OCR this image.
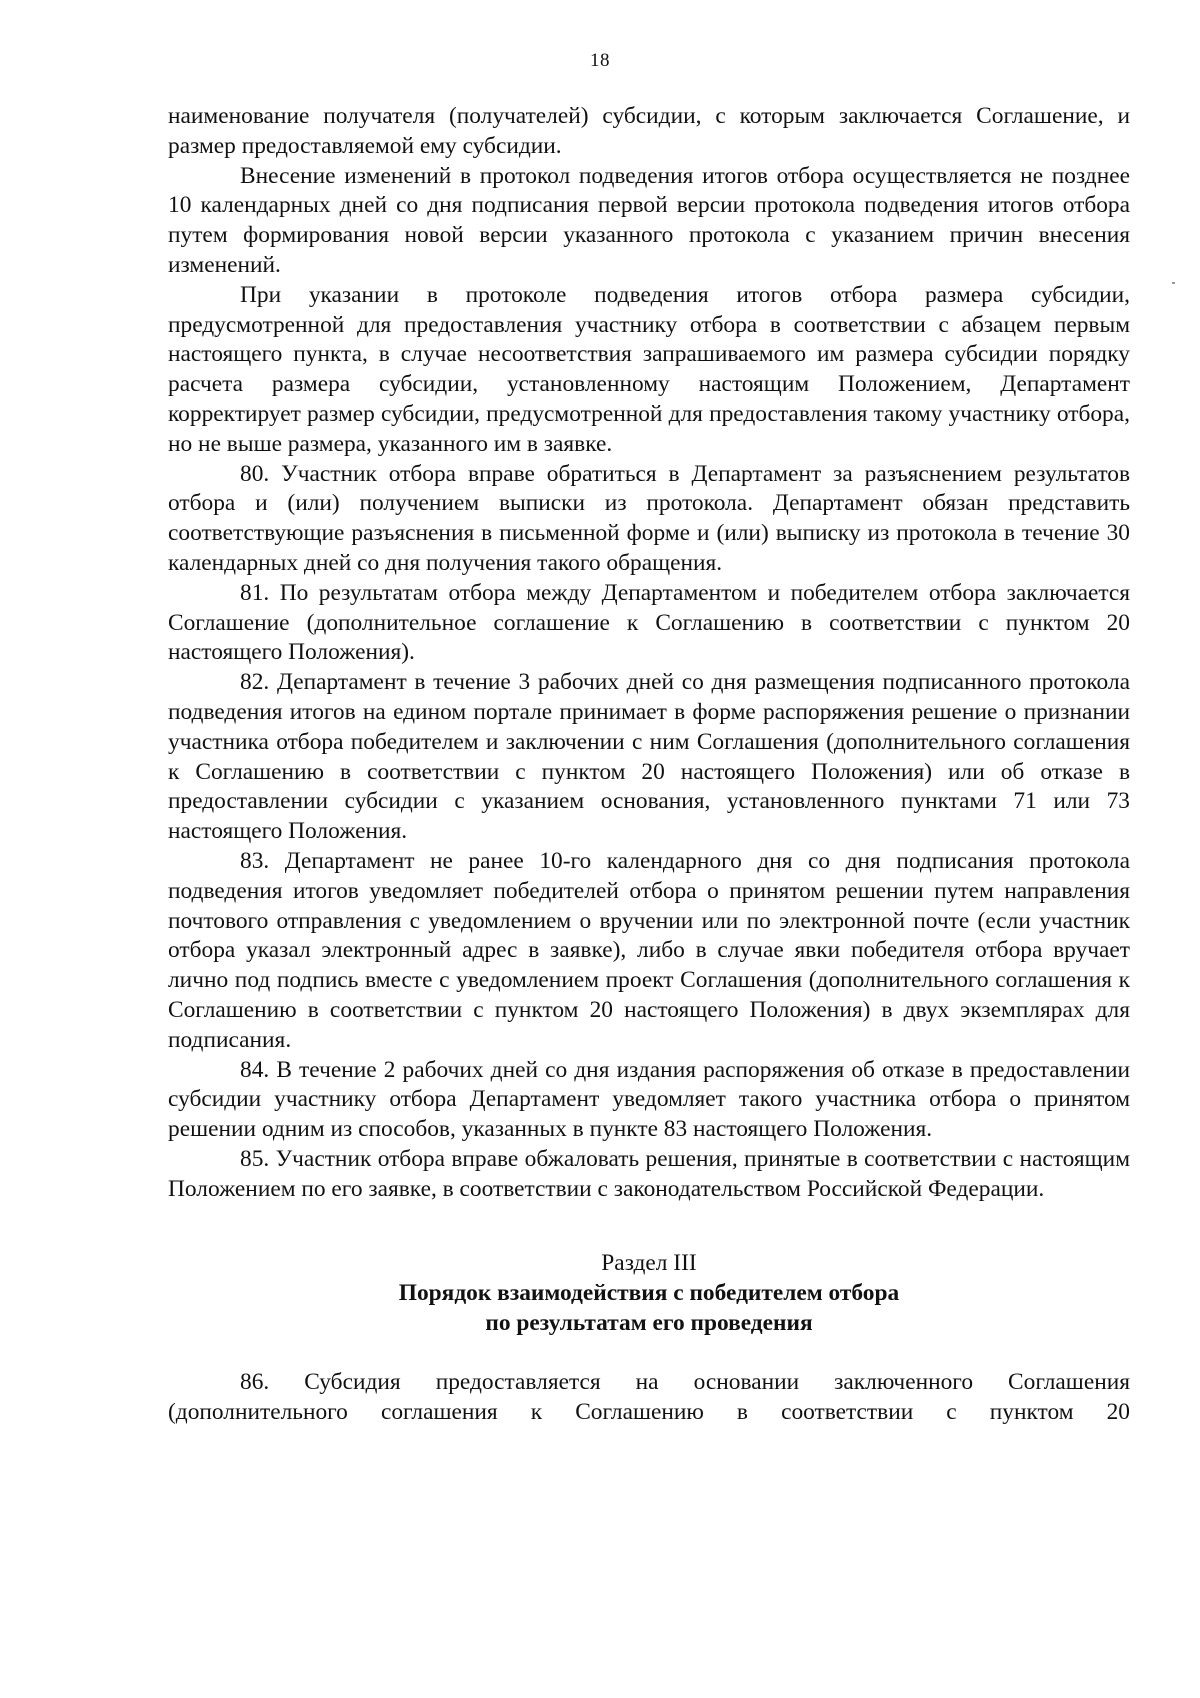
18

наименование получателя (получателей) субсидии, с которым заключается Соглашение, и размер предоставляемой ему субсидии.

Внесение изменений в протокол подведения итогов отбора осуществляется не позднее 10 календарных дней со дня подписания первой версии протокола подведения итогов отбора путем формирования новой версии указанного протокола с указанием причин внесения изменений.

При указании в протоколе подведения итогов отбора размера субсидии, предусмотренной для предоставления участнику отбора в соответствии с абзацем первым настоящего пункта, в случае несоответствия запрашиваемого им размера субсидии порядку расчета размера субсидии, установленному настоящим Положением, Департамент корректирует размер субсидии, предусмотренной для предоставления такому участнику отбора, но не выше размера, указанного им в заявке.

80. Участник отбора вправе обратиться в Департамент за разъяснением результатов отбора и (или) получением выписки из протокола. Департамент обязан представить соответствующие разъяснения в письменной форме и (или) выписку из протокола в течение 30 календарных дней со дня получения такого обращения.

81. По результатам отбора между Департаментом и победителем отбора заключается Соглашение (дополнительное соглашение к Соглашению в соответствии с пунктом 20 настоящего Положения).

82. Департамент в течение 3 рабочих дней со дня размещения подписанного протокола подведения итогов на едином портале принимает в форме распоряжения решение о признании участника отбора победителем и заключении с ним Соглашения (дополнительного соглашения к Соглашению в соответствии с пунктом 20 настоящего Положения) или об отказе в предоставлении субсидии с указанием основания, установленного пунктами 71 или 73 настоящего Положения.

83. Департамент не ранее 10-го календарного дня со дня подписания протокола подведения итогов уведомляет победителей отбора о принятом решении путем направления почтового отправления с уведомлением о вручении или по электронной почте (если участник отбора указал электронный адрес в заявке), либо в случае явки победителя отбора вручает лично под подпись вместе с уведомлением проект Соглашения (дополнительного соглашения к Соглашению в соответствии с пунктом 20 настоящего Положения) в двух экземплярах для подписания.

84. В течение 2 рабочих дней со дня издания распоряжения об отказе в предоставлении субсидии участнику отбора Департамент уведомляет такого участника отбора о принятом решении одним из способов, указанных в пункте 83 настоящего Положения.

85. Участник отбора вправе обжаловать решения, принятые в соответствии с настоящим Положением по его заявке, в соответствии с законодательством Российской Федерации.

Раздел III
Порядок взаимодействия с победителем отбора
по результатам его проведения

86. Субсидия предоставляется на основании заключенного Соглашения (дополнительного соглашения к Соглашению в соответствии с пунктом 20
